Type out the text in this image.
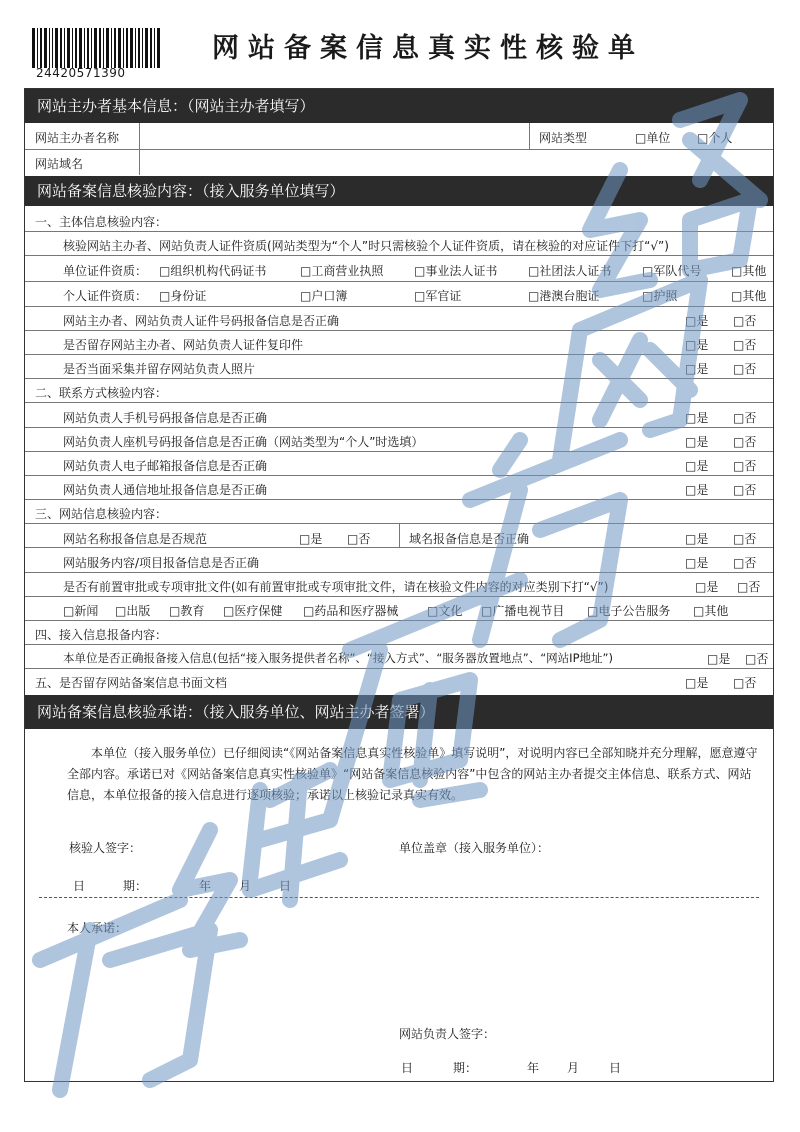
24420571390
网站备案信息真实性核验单
网站主办者基本信息：（网站主办者填写）
网站主办者名称	网站类型	□单位 □个人
网站域名
网站备案信息核验内容：（接入服务单位填写）
一、主体信息核验内容：
核验网站主办者、网站负责人证件资质(网站类型为“个人”时只需核验个人证件资质，请在核验的对应证件下打“√”)
单位证件资质： □组织机构代码证书	□工商营业执照	□事业法人证书	□社团法人证书	□军队代号 □其他
个人证件资质： □身份证	□户口簿	□军官证	□港澳台胞证	□护照	□其他
网站主办者、网站负责人证件号码报备信息是否正确	□是 □否
是否留存网站主办者、网站负责人证件复印件	□是 □否
是否当面采集并留存网站负责人照片	□是 □否
二、联系方式核验内容：
网站负责人手机号码报备信息是否正确	□是 □否
网站负责人座机号码报备信息是否正确（网站类型为“个人”时选填）	□是 □否
网站负责人电子邮箱报备信息是否正确	□是 □否
网站负责人通信地址报备信息是否正确	□是 □否
三、网站信息核验内容：
网站名称报备信息是否规范	□是 □否	域名报备信息是否正确	□是 □否
网站服务内容/项目报备信息是否正确	□是 □否
是否有前置审批或专项审批文件(如有前置审批或专项审批文件，请在核验文件内容的对应类别下打“√”)	□是 □否
□新闻 □出版 □教育 □医疗保健 □药品和医疗器械 □文化 □广播电视节目 □电子公告服务 □其他
四、接入信息报备内容：
本单位是否正确报备接入信息(包括“接入服务提供者名称”、“接入方式”、“服务器放置地点”、“网站IP地址”)	□是 □否
五、是否留存网站备案信息书面文档	□是 □否
网站备案信息核验承诺：（接入服务单位、网站主办者签署）
本单位（接入服务单位）已仔细阅读“《网站备案信息真实性核验单》填写说明”，对说明内容已全部知晓并充分理解，愿意遵守全部内容。承诺已对《网站备案信息真实性核验单》“网站备案信息核验内容”中包含的网站主办者提交主体信息、联系方式、网站信息，本单位报备的接入信息进行逐项核验；承诺以上核验记录真实有效。
核验人签字：	单位盖章（接入服务单位）：
日	期：	年 月 日
本人承诺：
网站负责人签字：
日	期：	年 月 日
